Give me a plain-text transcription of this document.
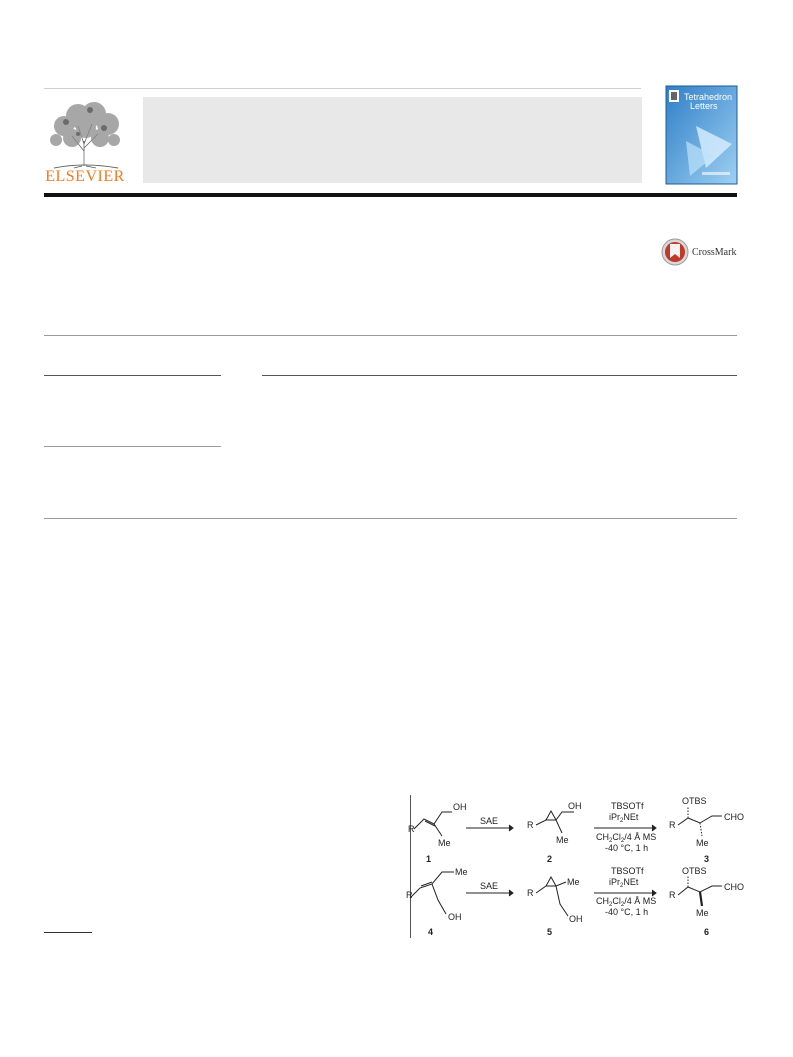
ELSEVIER
Tetrahedron
Letters
CrossMark
OH
R
Me
1
SAE
OH
R
Me
2
TBSOTf
iPr$_2$NEt
$CH_2Cl_2/4$ Å MS
-40 °C, 1 h
OTBS
CHO
R
Me
3
Me
R
OH
4
SAE	Me
R
OH
5
TBSOTf
iPr$_2$NEt
$CH_2Cl_2/4$ Å MS
-40 °C, 1 h
OTBS
CHO
R
Me
6
